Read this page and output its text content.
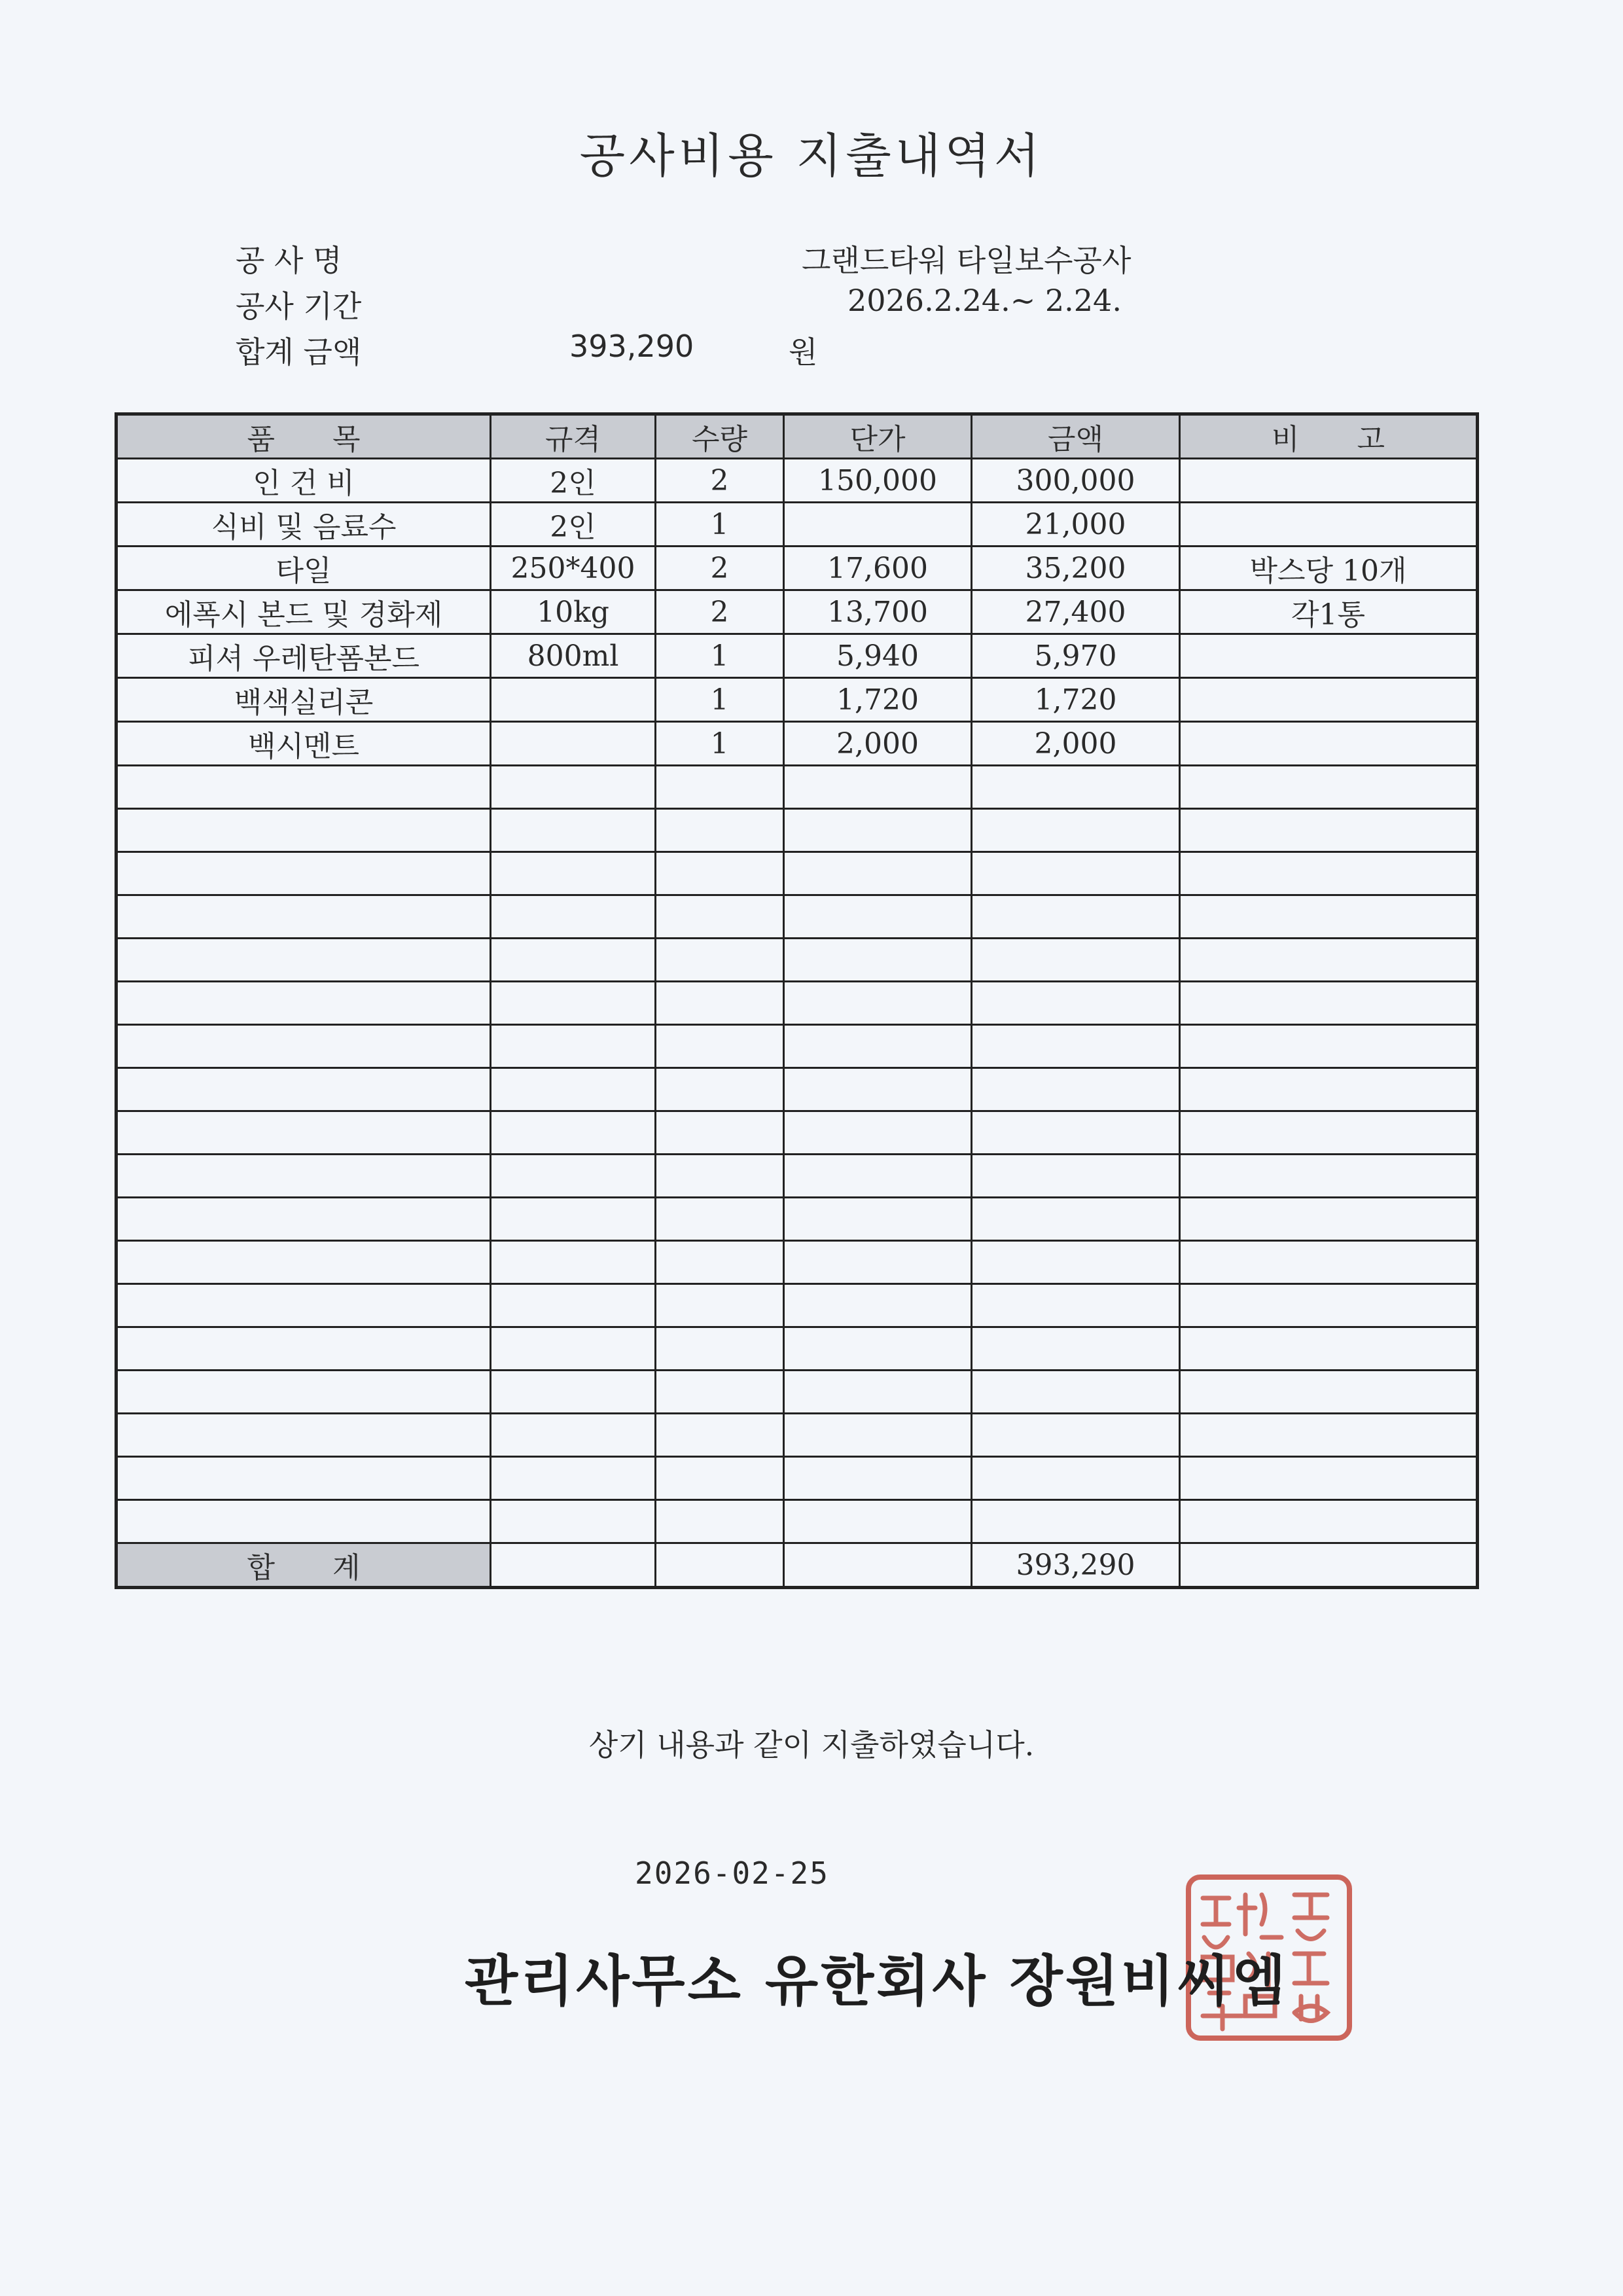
공사비용 지출내역서
공 사 명	그랜드타워 타일보수공사
공사 기간	2026.2.24.~ 2.24.
합계 금액	393,290	원
품　　목	규격	수량	단가	금액	비　　고
인 건 비	2인	2	150,000	300,000	
식비 및 음료수	2인	1		21,000	
타일	250*400	2	17,600	35,200	박스당 10개
에폭시 본드 및 경화제	10kg	2	13,700	27,400	각1통
피셔 우레탄폼본드	800ml	1	5,940	5,970	
백색실리콘		1	1,720	1,720	
백시멘트		1	2,000	2,000	

합　　계				393,290	
상기 내용과 같이 지출하였습니다.
2026-02-25
관리사무소 유한회사 장원비씨엠
